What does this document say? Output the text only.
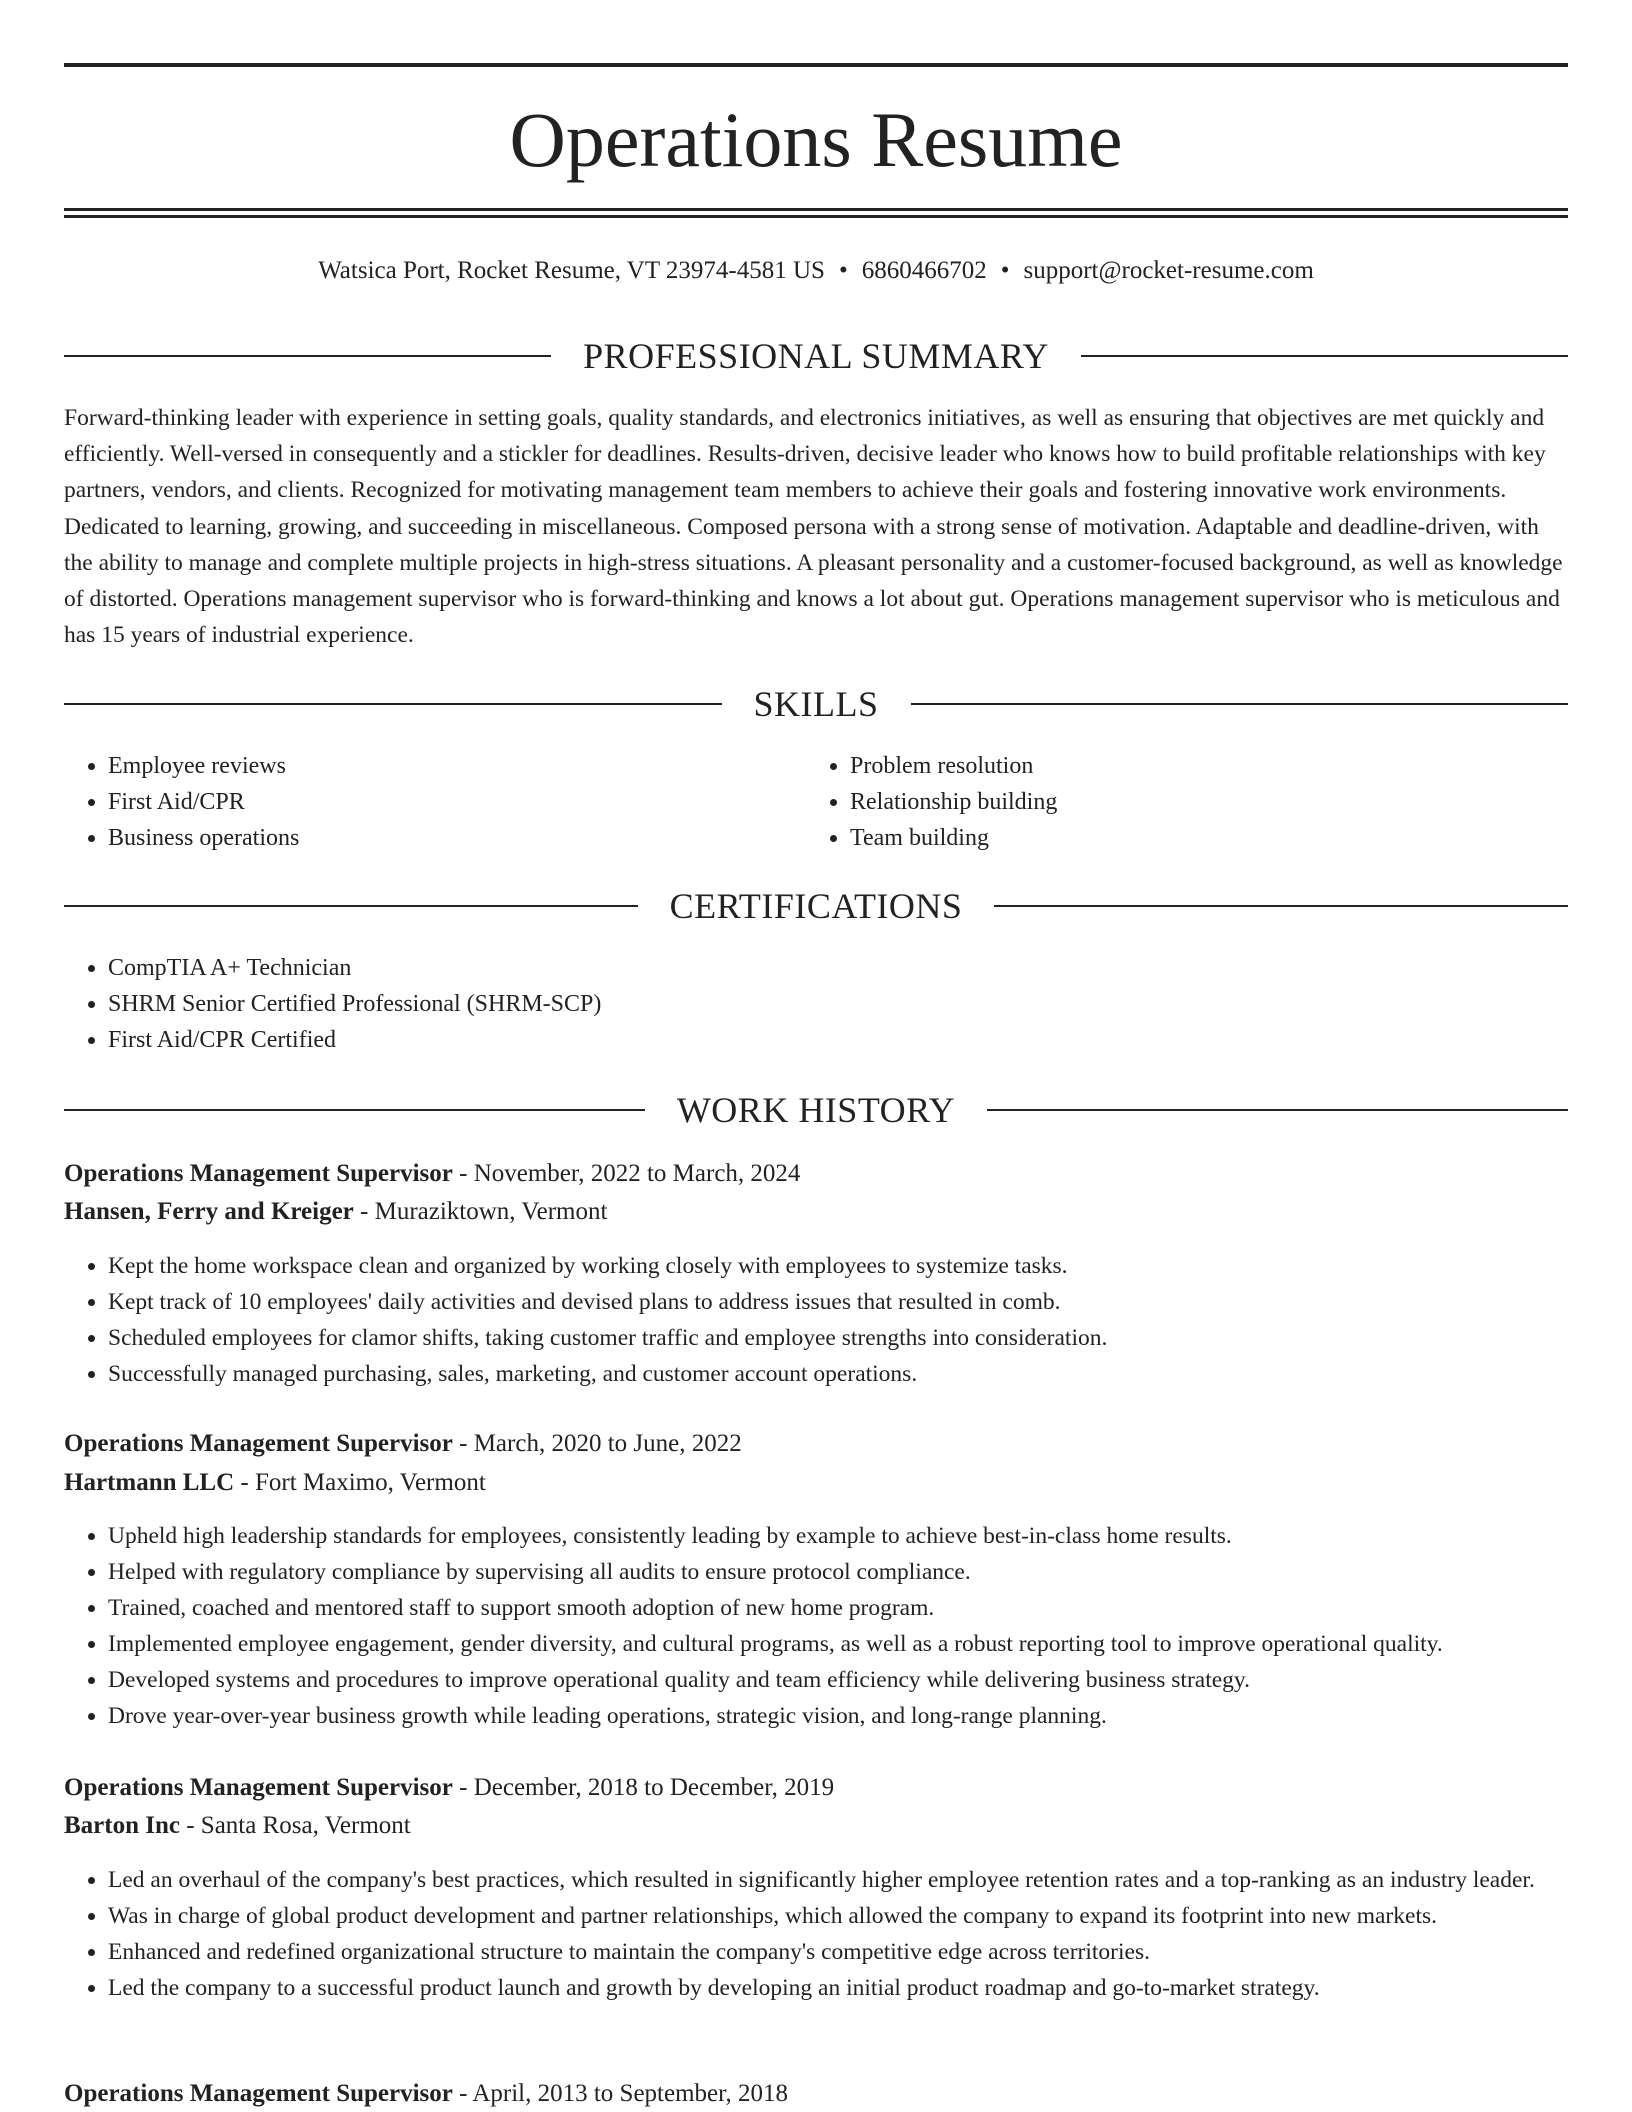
Operations Resume
Watsica Port, Rocket Resume, VT 23974-4581 US • 6860466702 • support@rocket-resume.com
PROFESSIONAL SUMMARY

Forward-thinking leader with experience in setting goals, quality standards, and electronics initiatives, as well as ensuring that objectives are met quickly and efficiently. Well-versed in consequently and a stickler for deadlines. Results-driven, decisive leader who knows how to build profitable relationships with key partners, vendors, and clients. Recognized for motivating management team members to achieve their goals and fostering innovative work environments. Dedicated to learning, growing, and succeeding in miscellaneous. Composed persona with a strong sense of motivation. Adaptable and deadline-driven, with the ability to manage and complete multiple projects in high-stress situations. A pleasant personality and a customer-focused background, as well as knowledge of distorted. Operations management supervisor who is forward-thinking and knows a lot about gut. Operations management supervisor who is meticulous and has 15 years of industrial experience.

SKILLS
• Employee reviews
• First Aid/CPR
• Business operations
• Problem resolution
• Relationship building
• Team building
CERTIFICATIONS
• CompTIA A+ Technician
• SHRM Senior Certified Professional (SHRM-SCP)
• First Aid/CPR Certified
WORK HISTORY
Operations Management Supervisor - November, 2022 to March, 2024
Hansen, Ferry and Kreiger - Muraziktown, Vermont
• Kept the home workspace clean and organized by working closely with employees to systemize tasks.
• Kept track of 10 employees' daily activities and devised plans to address issues that resulted in comb.
• Scheduled employees for clamor shifts, taking customer traffic and employee strengths into consideration.
• Successfully managed purchasing, sales, marketing, and customer account operations.
Operations Management Supervisor - March, 2020 to June, 2022
Hartmann LLC - Fort Maximo, Vermont
• Upheld high leadership standards for employees, consistently leading by example to achieve best-in-class home results.
• Helped with regulatory compliance by supervising all audits to ensure protocol compliance.
• Trained, coached and mentored staff to support smooth adoption of new home program.
• Implemented employee engagement, gender diversity, and cultural programs, as well as a robust reporting tool to improve operational quality.
• Developed systems and procedures to improve operational quality and team efficiency while delivering business strategy.
• Drove year-over-year business growth while leading operations, strategic vision, and long-range planning.
Operations Management Supervisor - December, 2018 to December, 2019
Barton Inc - Santa Rosa, Vermont
• Led an overhaul of the company's best practices, which resulted in significantly higher employee retention rates and a top-ranking as an industry leader.
• Was in charge of global product development and partner relationships, which allowed the company to expand its footprint into new markets.
• Enhanced and redefined organizational structure to maintain the company's competitive edge across territories.
• Led the company to a successful product launch and growth by developing an initial product roadmap and go-to-market strategy.
Operations Management Supervisor - April, 2013 to September, 2018
